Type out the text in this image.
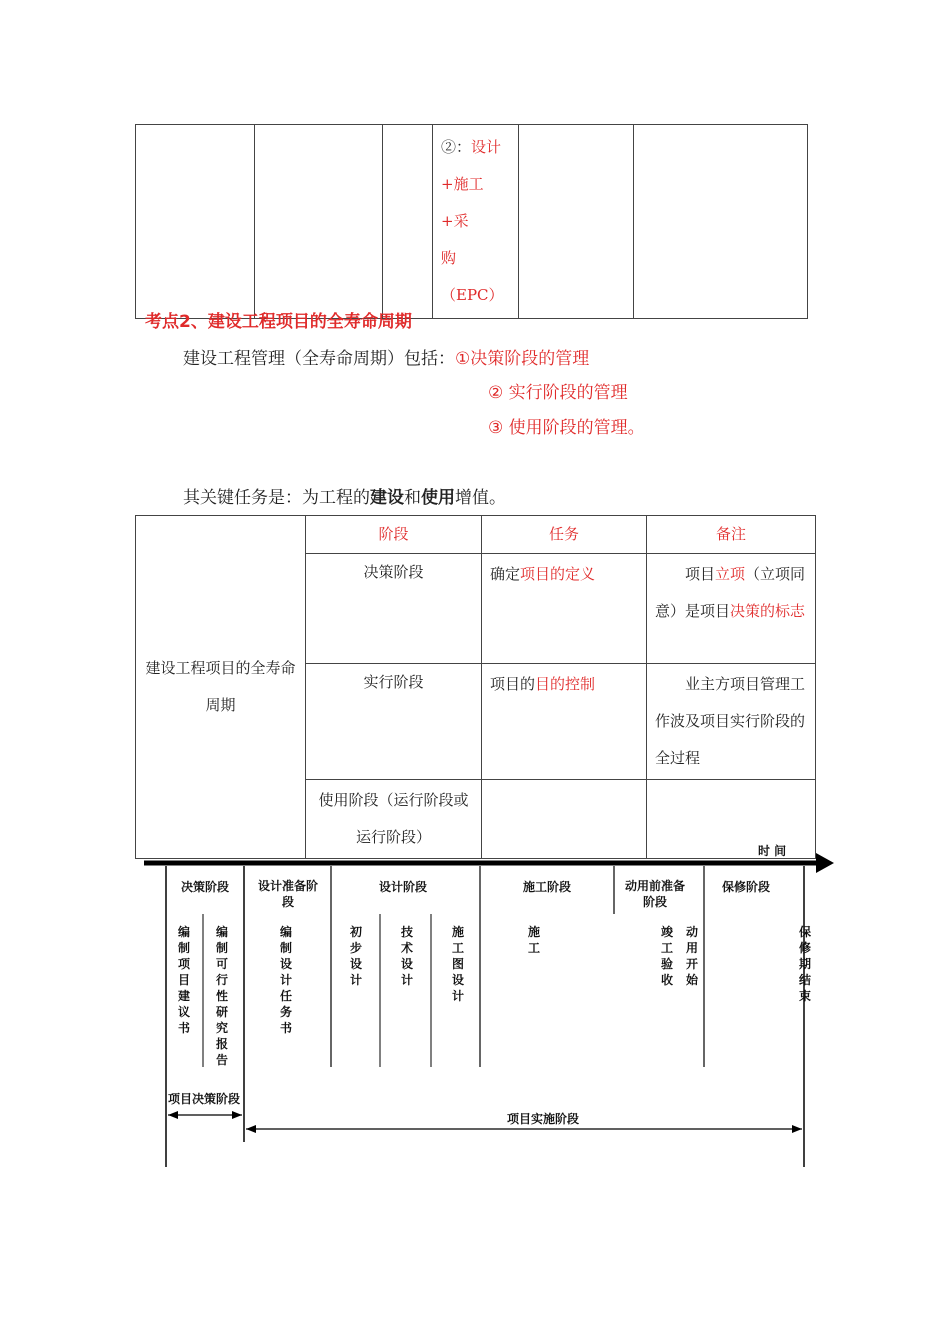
②：设计
+施工+采
购
（EPC）

考点2、建设工程项目的全寿命周期
建设工程管理（全寿命周期）包括：①决策阶段的管理
② 实行阶段的管理
③ 使用阶段的管理。
其关键任务是：为工程的建设和使用增值。
建设工程项目的全寿命周期	阶段	任务	备注
	决策阶段	确定项目的定义	项目立项（立项同意）是项目决策的标志

	实行阶段	项目的目的控制	业主方项目管理工作波及项目实行阶段的全过程

	使用阶段（运行阶段或运行阶段）		

时 间
决策阶段	设计准备阶段
设计阶段	施工阶段	动用前准备阶段
保修阶段
编制项目建议书
编制可行性研究报告
编制设计任务书
初步设计
技术设计
施工图设计
施工
竣工验收
动用开始
保修期结束
项目决策阶段
项目实施阶段
